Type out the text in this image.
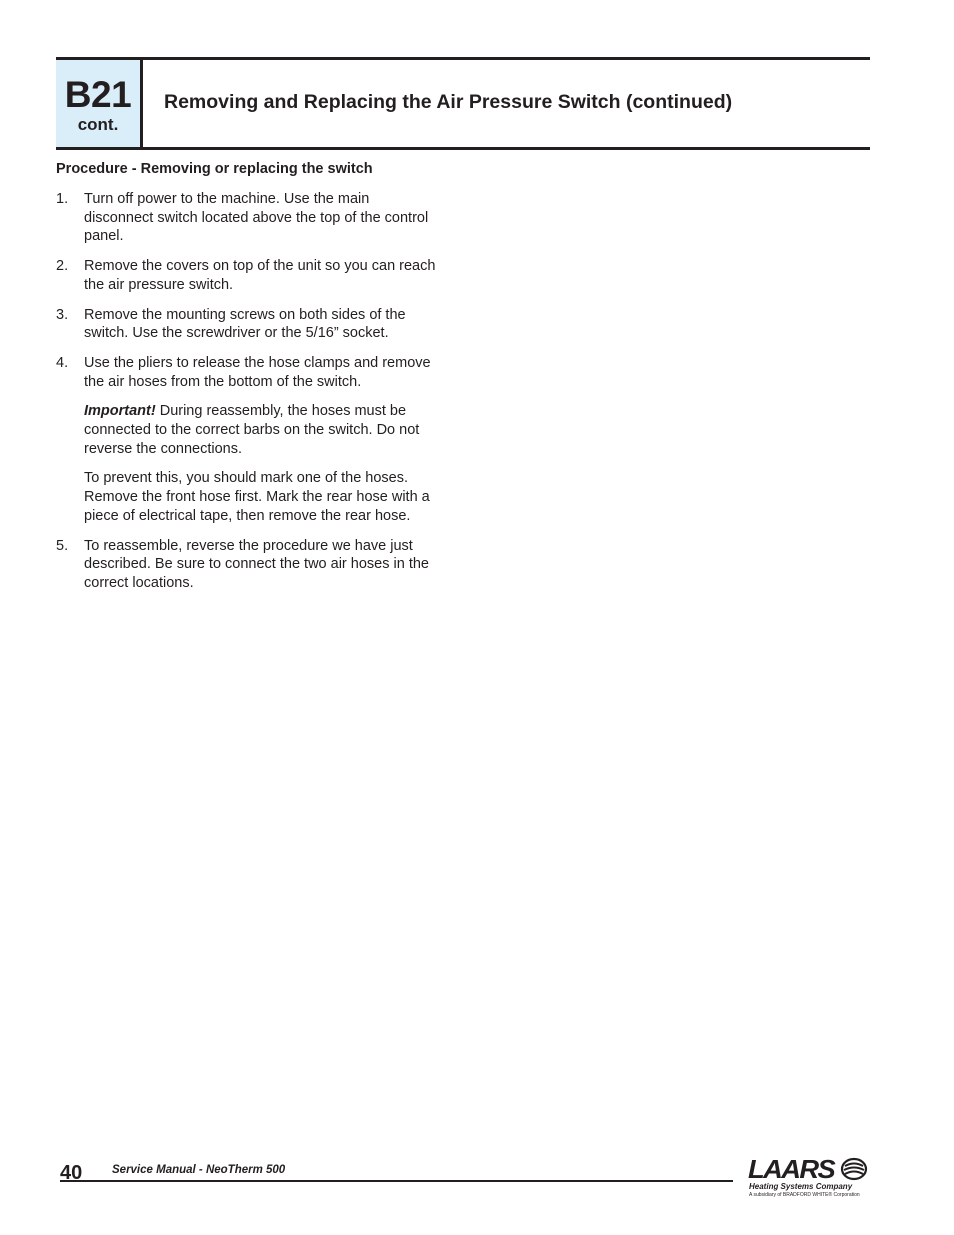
B21
cont.
Removing and Replacing the Air Pressure Switch (continued)
Procedure - Removing or replacing the switch
1. Turn off power to the machine. Use the main disconnect switch located above the top of the control panel.
2. Remove the covers on top of the unit so you can reach the air pressure switch.
3. Remove the mounting screws on both sides of the switch. Use the screwdriver or the 5/16” socket.
4. Use the pliers to release the hose clamps and remove the air hoses from the bottom of the switch.

Important! During reassembly, the hoses must be connected to the correct barbs on the switch. Do not reverse the connections.

To prevent this, you should mark one of the hoses. Remove the front hose first. Mark the rear hose with a piece of electrical tape, then remove the rear hose.

5. To reassemble, reverse the procedure we have just described. Be sure to connect the two air hoses in the correct locations.
40	Service Manual - NeoTherm 500	LAARS
Heating Systems Company
A subsidiary of BRADFORD WHITE® Corporation
